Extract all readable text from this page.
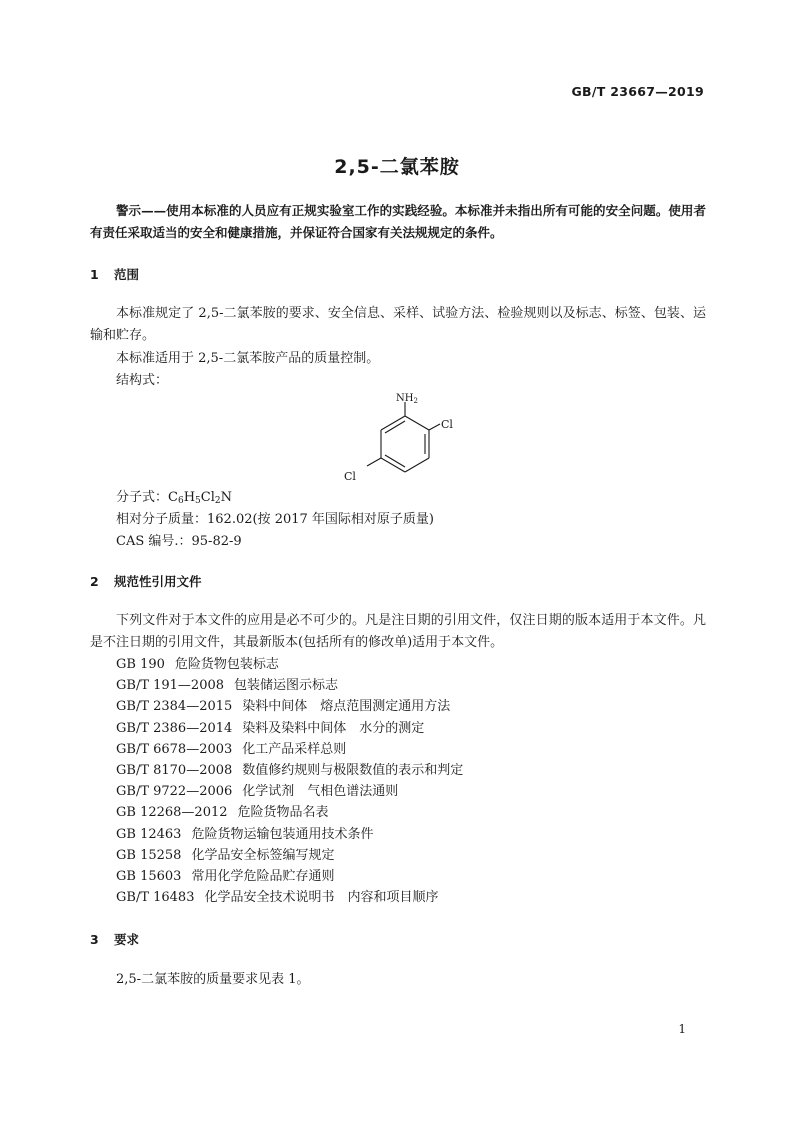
GB/T 23667—2019
2,5-二氯苯胺
警示——使用本标准的人员应有正规实验室工作的实践经验。本标准并未指出所有可能的安全问题。使用者有责任采取适当的安全和健康措施，并保证符合国家有关法规规定的条件。
1 范围
本标准规定了 2,5-二氯苯胺的要求、安全信息、采样、试验方法、检验规则以及标志、标签、包装、运输和贮存。
本标准适用于 2,5-二氯苯胺产品的质量控制。
结构式：
$NH_2$
Cl
Cl
分子式：$C_6H_5Cl_2N$
相对分子质量：162.02(按 2017 年国际相对原子质量)
CAS 编号.：95-82-9
2 规范性引用文件
下列文件对于本文件的应用是必不可少的。凡是注日期的引用文件，仅注日期的版本适用于本文件。凡是不注日期的引用文件，其最新版本(包括所有的修改单)适用于本文件。
GB 190 危险货物包装标志
GB/T 191—2008 包装储运图示标志
GB/T 2384—2015 染料中间体　熔点范围测定通用方法
GB/T 2386—2014 染料及染料中间体　水分的测定
GB/T 6678—2003 化工产品采样总则
GB/T 8170—2008 数值修约规则与极限数值的表示和判定
GB/T 9722—2006 化学试剂　气相色谱法通则
GB 12268—2012 危险货物品名表
GB 12463 危险货物运输包装通用技术条件
GB 15258 化学品安全标签编写规定
GB 15603 常用化学危险品贮存通则
GB/T 16483 化学品安全技术说明书　内容和项目顺序
3 要求
2,5-二氯苯胺的质量要求见表 1。
1
